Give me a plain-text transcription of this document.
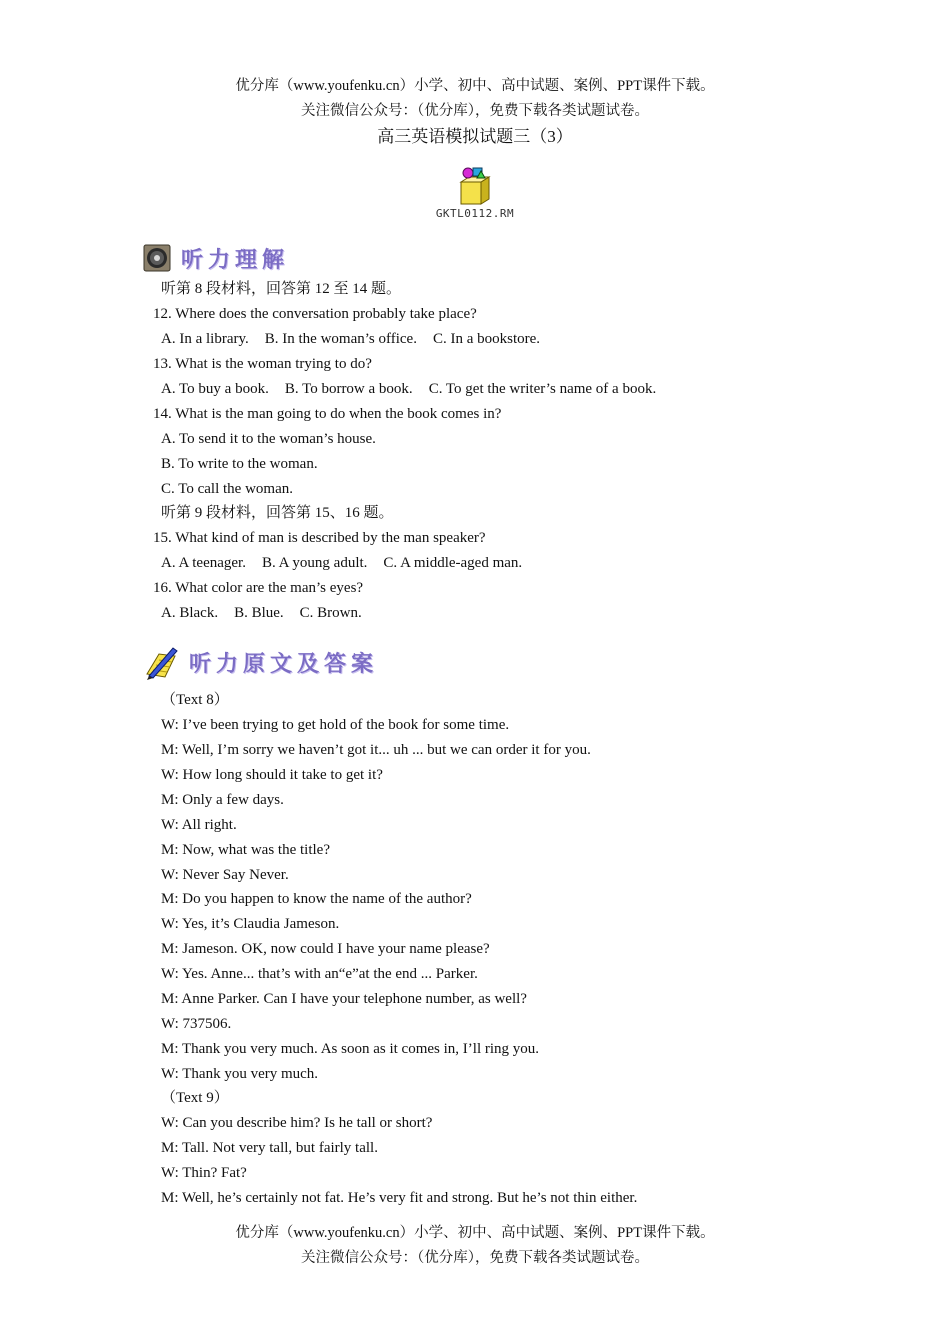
优分库（www.youfenku.cn）小学、初中、高中试题、案例、PPT课件下载。
关注微信公众号：（优分库），免费下载各类试题试卷。
高三英语模拟试题三（3）
GKTL0112.RM
听力理解
听第 8 段材料，回答第 12 至 14 题。
12. Where does the conversation probably take place?
A. In a library. B. In the woman’s office. C. In a bookstore.
13. What is the woman trying to do?
A. To buy a book. B. To borrow a book. C. To get the writer’s name of a book.
14. What is the man going to do when the book comes in?
A. To send it to the woman’s house.
B. To write to the woman.
C. To call the woman.
听第 9 段材料，回答第 15、16 题。
15. What kind of man is described by the man speaker?
A. A teenager. B. A young adult. C. A middle-aged man.
16. What color are the man’s eyes?
A. Black. B. Blue. C. Brown.
听力原文及答案
（Text 8）
W: I’ve been trying to get hold of the book for some time.
M: Well, I’m sorry we haven’t got it... uh ... but we can order it for you.
W: How long should it take to get it?
M: Only a few days.
W: All right.
M: Now, what was the title?
W: Never Say Never.
M: Do you happen to know the name of the author?
W: Yes, it’s Claudia Jameson.
M: Jameson. OK, now could I have your name please?
W: Yes. Anne... that’s with an“e”at the end ... Parker.
M: Anne Parker. Can I have your telephone number, as well?
W: 737506.
M: Thank you very much. As soon as it comes in, I’ll ring you.
W: Thank you very much.
（Text 9）
W: Can you describe him? Is he tall or short?
M: Tall. Not very tall, but fairly tall.
W: Thin? Fat?
M: Well, he’s certainly not fat. He’s very fit and strong. But he’s not thin either.
优分库（www.youfenku.cn）小学、初中、高中试题、案例、PPT课件下载。
关注微信公众号：（优分库），免费下载各类试题试卷。
